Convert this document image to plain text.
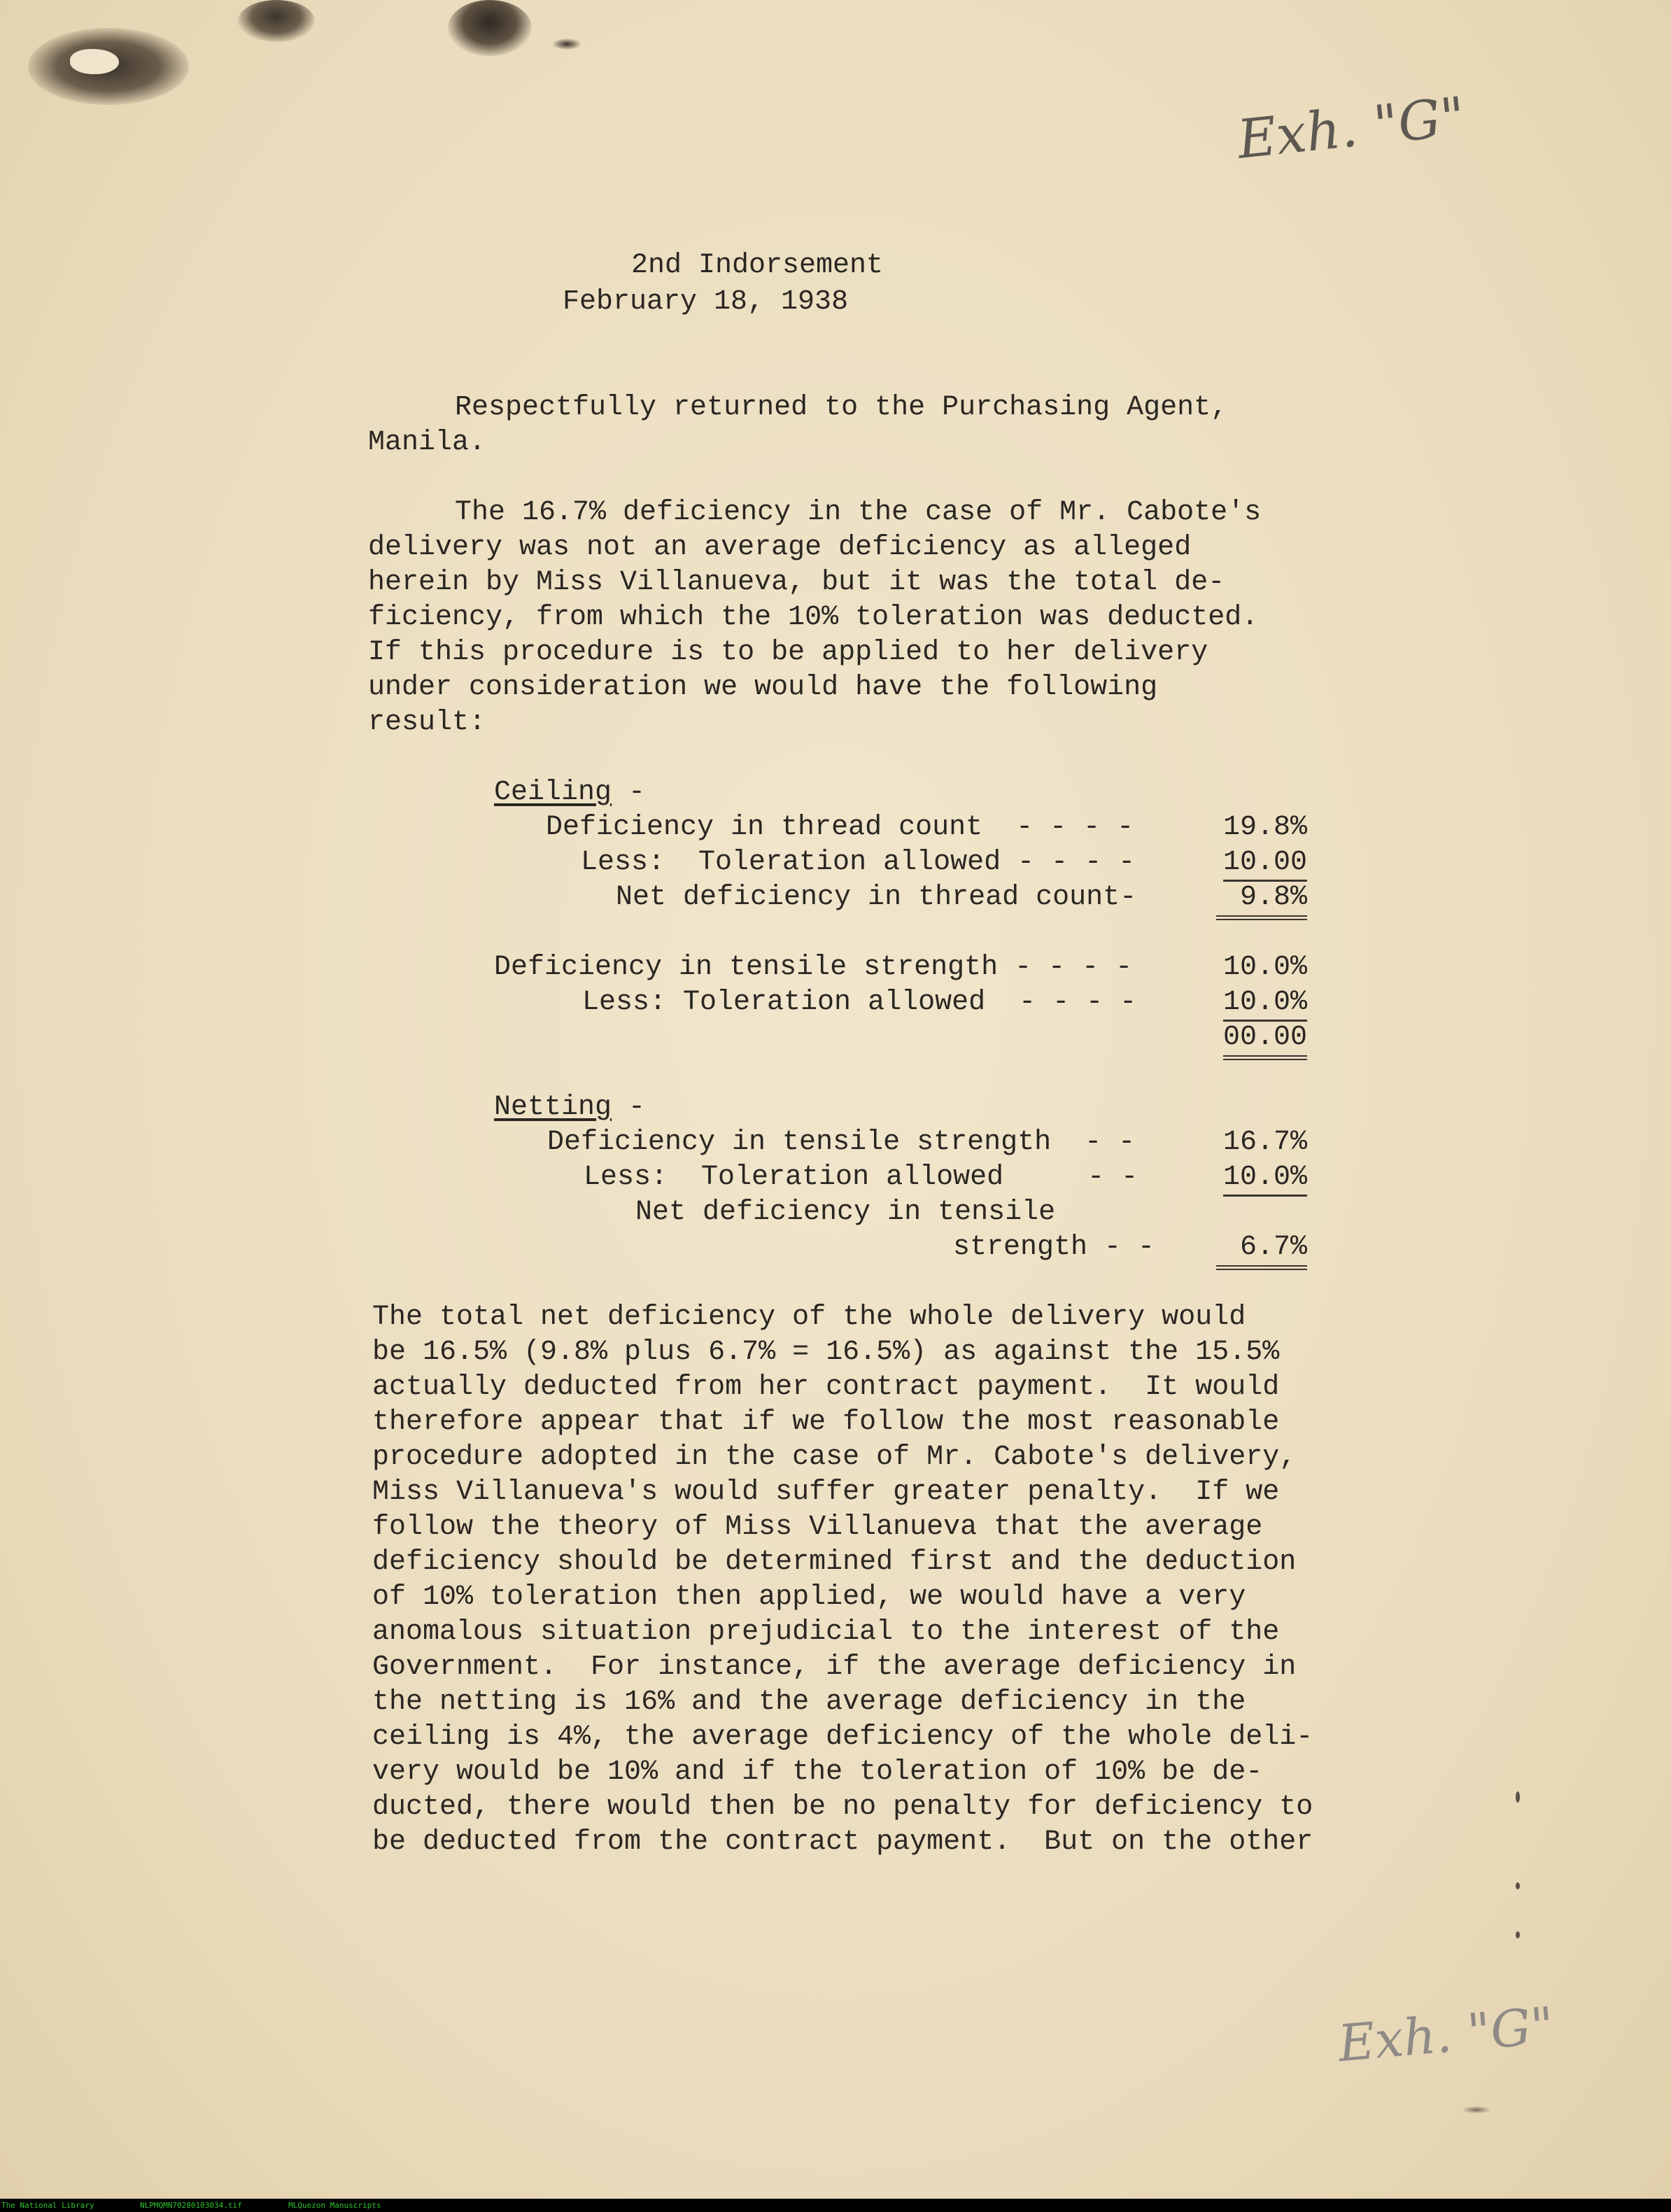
Exh. "G"
Exh. "G"
2nd Indorsement
February 18, 1938
Respectfully returned to the Purchasing Agent,
Manila.
The 16.7% deficiency in the case of Mr. Cabote's
delivery was not an average deficiency as alleged
herein by Miss Villanueva, but it was the total de-
ficiency, from which the 10% toleration was deducted.
If this procedure is to be applied to her delivery
under consideration we would have the following
result:
Ceiling -
Deficiency in thread count  - - - -	19.8%
Less:  Toleration allowed - - - -	10.00
Net deficiency in thread count-	9.8%
Deficiency in tensile strength - - - -	10.0%
Less: Toleration allowed  - - - -	10.0%
00.00
Netting -
Deficiency in tensile strength  - -	16.7%
Less:  Toleration allowed     - -	10.0%
Net deficiency in tensile
strength - -	6.7%
The total net deficiency of the whole delivery would
be 16.5% (9.8% plus 6.7% = 16.5%) as against the 15.5%
actually deducted from her contract payment.  It would
therefore appear that if we follow the most reasonable
procedure adopted in the case of Mr. Cabote's delivery,
Miss Villanueva's would suffer greater penalty.  If we
follow the theory of Miss Villanueva that the average
deficiency should be determined first and the deduction
of 10% toleration then applied, we would have a very
anomalous situation prejudicial to the interest of the
Government.  For instance, if the average deficiency in
the netting is 16% and the average deficiency in the
ceiling is 4%, the average deficiency of the whole deli-
very would be 10% and if the toleration of 10% be de-
ducted, there would then be no penalty for deficiency to
be deducted from the contract payment.  But on the other
The National Library	NLPMQMN70280103034.tif	MLQuezon Manuscripts
